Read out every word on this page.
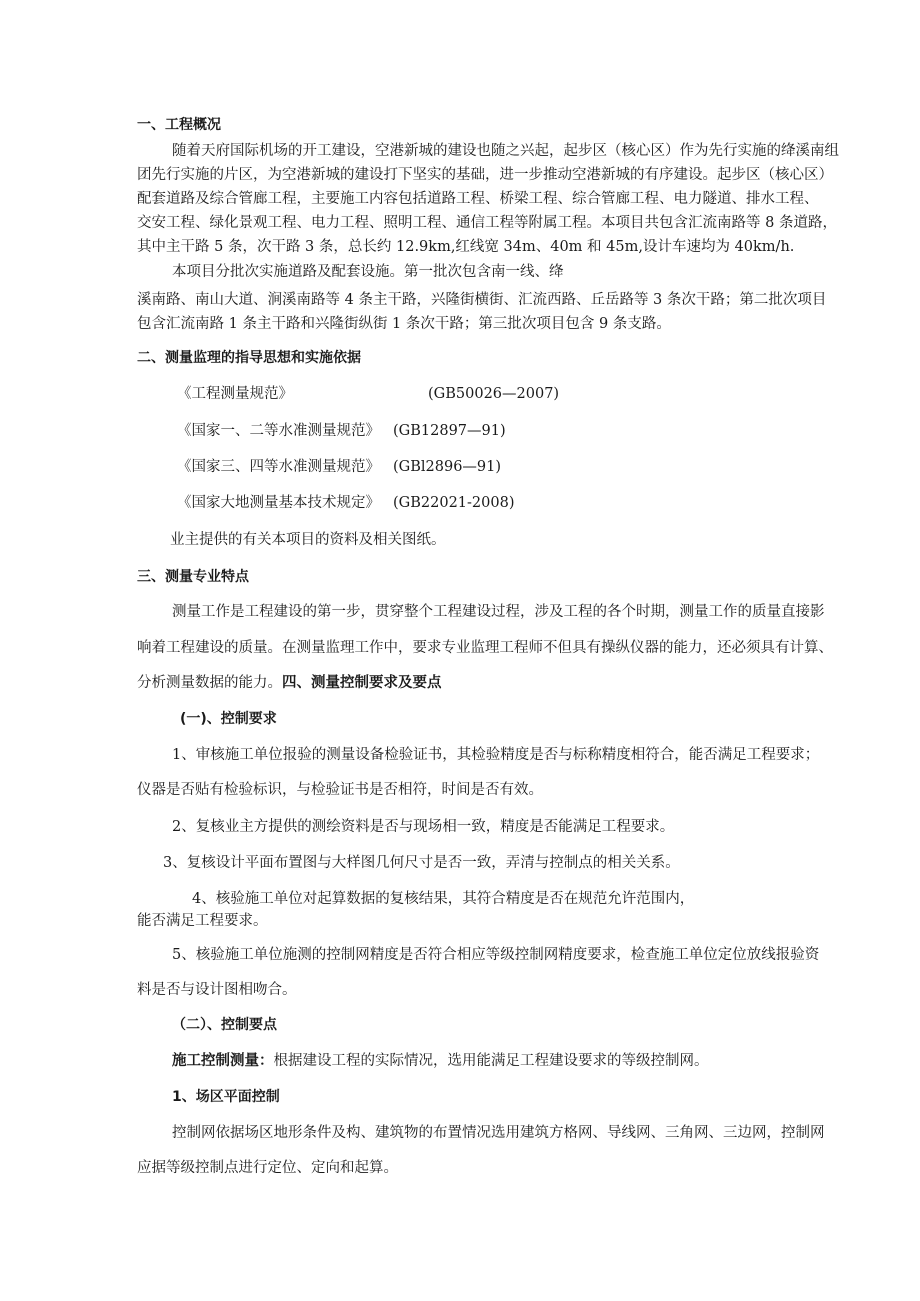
一、工程概况
随着天府国际机场的开工建设，空港新城的建设也随之兴起，起步区（核心区）作为先行实施的绛溪南组
团先行实施的片区，为空港新城的建设打下坚实的基础，进一步推动空港新城的有序建设。起步区（核心区）
配套道路及综合管廊工程，主要施工内容包括道路工程、桥梁工程、综合管廊工程、电力隧道、排水工程、
交安工程、绿化景观工程、电力工程、照明工程、通信工程等附属工程。本项目共包含汇流南路等 8 条道路，
其中主干路 5 条，次干路 3 条，总长约 12.9km,红线宽 34m、40m 和 45m,设计车速均为 40km/h.
本项目分批次实施道路及配套设施。第一批次包含南一线、绛
溪南路、南山大道、涧溪南路等 4 条主干路，兴隆街横街、汇流西路、丘岳路等 3 条次干路；第二批次项目
包含汇流南路 1 条主干路和兴隆街纵街 1 条次干路；第三批次项目包含 9 条支路。
二、测量监理的指导思想和实施依据
《工程测量规范》	(GB50026—2007)
《国家一、二等水准测量规范》 (GB12897—91)
《国家三、四等水准测量规范》 (GBl2896—91)
《国家大地测量基本技术规定》 (GB22021-2008)
业主提供的有关本项目的资料及相关图纸。
三、测量专业特点
测量工作是工程建设的第一步，贯穿整个工程建设过程，涉及工程的各个时期，测量工作的质量直接影
响着工程建设的质量。在测量监理工作中，要求专业监理工程师不但具有操纵仪器的能力，还必须具有计算、
分析测量数据的能力。四、测量控制要求及要点
(一)、控制要求
1、审核施工单位报验的测量设备检验证书，其检验精度是否与标称精度相符合，能否满足工程要求；
仪器是否贴有检验标识，与检验证书是否相符，时间是否有效。
2、复核业主方提供的测绘资料是否与现场相一致，精度是否能满足工程要求。
3、复核设计平面布置图与大样图几何尺寸是否一致，弄清与控制点的相关关系。
4、核验施工单位对起算数据的复核结果，其符合精度是否在规范允许范围内，
能否满足工程要求。
5、核验施工单位施测的控制网精度是否符合相应等级控制网精度要求，检查施工单位定位放线报验资
料是否与设计图相吻合。
（二）、控制要点
施工控制测量：根据建设工程的实际情况，选用能满足工程建设要求的等级控制网。
1、场区平面控制
控制网依据场区地形条件及构、建筑物的布置情况选用建筑方格网、导线网、三角网、三边网，控制网
应据等级控制点进行定位、定向和起算。
